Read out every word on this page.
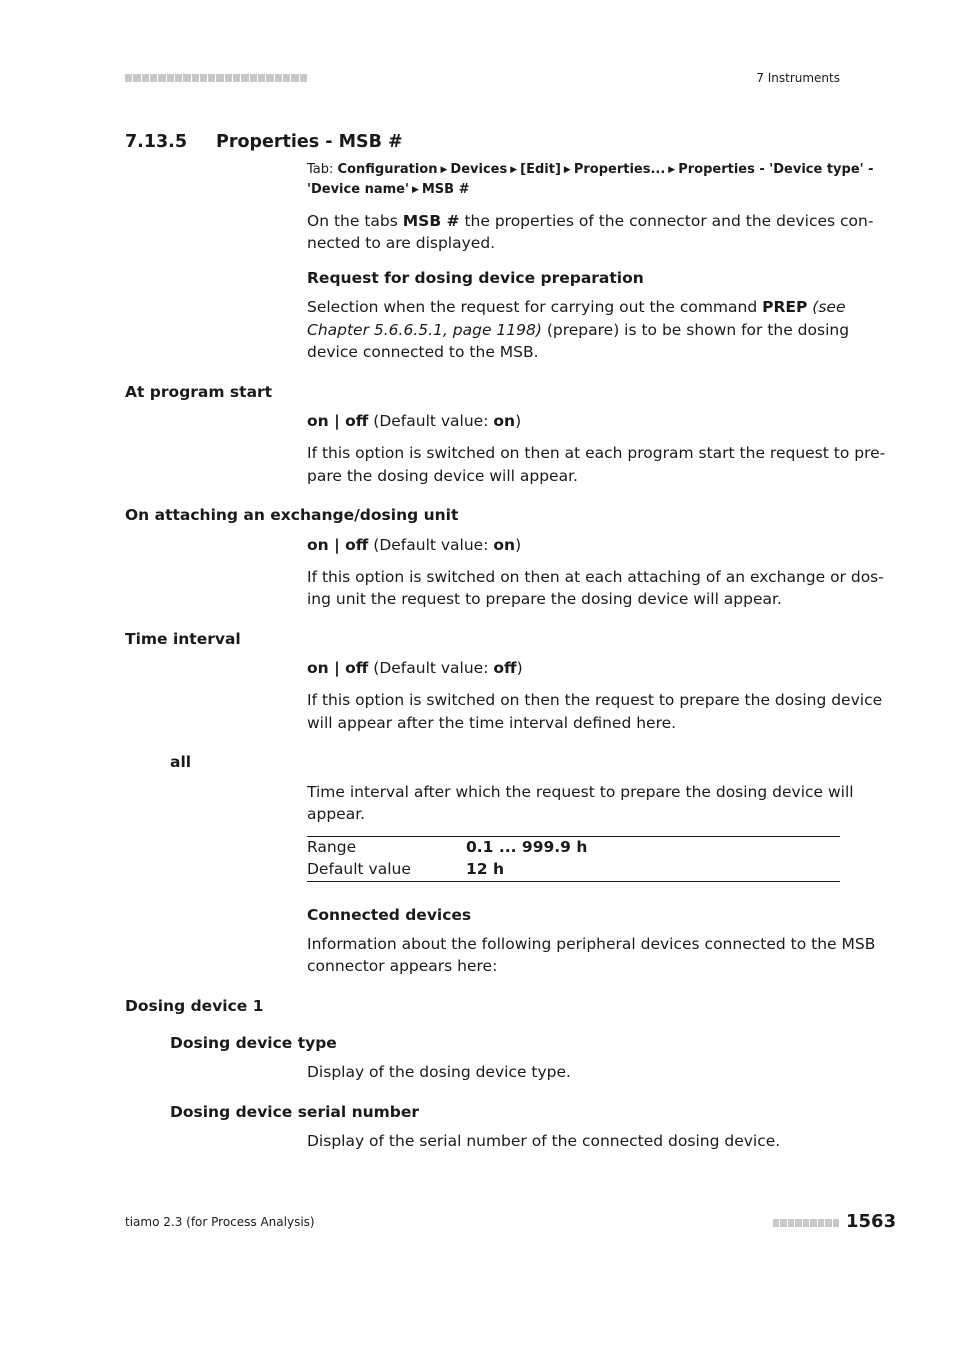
7 Instruments
7.13.5 Properties - MSB #
Tab: Configuration ▶ Devices ▶ [Edit] ▶ Properties... ▶ Properties - 'Device type' -
'Device name' ▶ MSB #
On the tabs MSB # the properties of the connector and the devices con-
nected to are displayed.
Request for dosing device preparation
Selection when the request for carrying out the command PREP (see
Chapter 5.6.6.5.1, page 1198) (prepare) is to be shown for the dosing
device connected to the MSB.
At program start
on | off (Default value: on)
If this option is switched on then at each program start the request to pre-
pare the dosing device will appear.
On attaching an exchange/dosing unit
on | off (Default value: on)
If this option is switched on then at each attaching of an exchange or dos-
ing unit the request to prepare the dosing device will appear.
Time interval
on | off (Default value: off)
If this option is switched on then the request to prepare the dosing device
will appear after the time interval defined here.
all
Time interval after which the request to prepare the dosing device will
appear.
Range	0.1 ... 999.9 h
Default value	12 h
Connected devices
Information about the following peripheral devices connected to the MSB
connector appears here:
Dosing device 1
Dosing device type
Display of the dosing device type.
Dosing device serial number
Display of the serial number of the connected dosing device.
tiamo 2.3 (for Process Analysis)	1563
